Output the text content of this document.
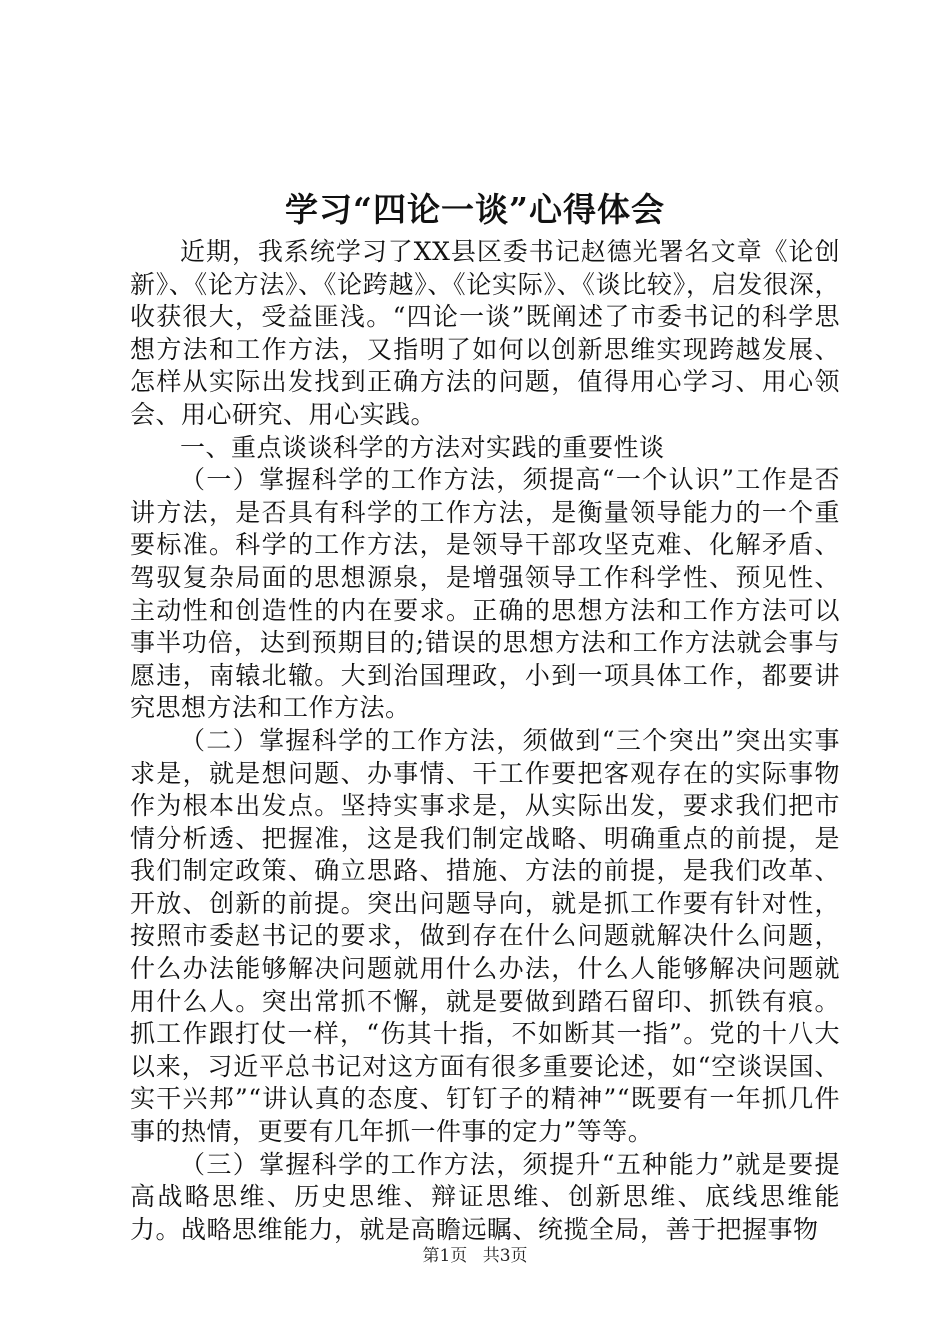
学习“四论一谈”心得体会

近期，我系统学习了XX县区委书记赵德光署名文章《论创新》、《论方法》、《论跨越》、《论实际》、《谈比较》，启发很深，收获很大，受益匪浅。“四论一谈”既阐述了市委书记的科学思想方法和工作方法，又指明了如何以创新思维实现跨越发展、怎样从实际出发找到正确方法的问题，值得用心学习、用心领会、用心研究、用心实践。

一、重点谈谈科学的方法对实践的重要性谈

（一）掌握科学的工作方法，须提高“一个认识”工作是否讲方法，是否具有科学的工作方法，是衡量领导能力的一个重要标准。科学的工作方法，是领导干部攻坚克难、化解矛盾、驾驭复杂局面的思想源泉，是增强领导工作科学性、预见性、主动性和创造性的内在要求。正确的思想方法和工作方法可以事半功倍，达到预期目的;错误的思想方法和工作方法就会事与愿违，南辕北辙。大到治国理政，小到一项具体工作，都要讲究思想方法和工作方法。

（二）掌握科学的工作方法，须做到“三个突出”突出实事求是，就是想问题、办事情、干工作要把客观存在的实际事物作为根本出发点。坚持实事求是，从实际出发，要求我们把市情分析透、把握准，这是我们制定战略、明确重点的前提，是我们制定政策、确立思路、措施、方法的前提，是我们改革、开放、创新的前提。突出问题导向，就是抓工作要有针对性，按照市委赵书记的要求，做到存在什么问题就解决什么问题，什么办法能够解决问题就用什么办法，什么人能够解决问题就用什么人。突出常抓不懈，就是要做到踏石留印、抓铁有痕。抓工作跟打仗一样，“伤其十指，不如断其一指”。党的十八大以来，习近平总书记对这方面有很多重要论述，如“空谈误国、实干兴邦”“讲认真的态度、钉钉子的精神”“既要有一年抓几件事的热情，更要有几年抓一件事的定力”等等。

（三）掌握科学的工作方法，须提升“五种能力”就是要提高战略思维、历史思维、辩证思维、创新思维、底线思维能力。战略思维能力，就是高瞻远瞩、统揽全局，善于把握事物

第1页 共3页
